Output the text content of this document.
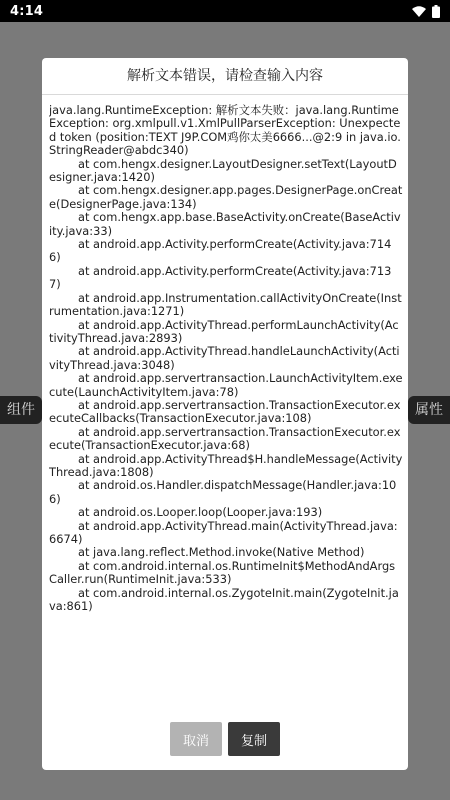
4:14
组件	属性
解析文本错误，请检查输入内容
java.lang.RuntimeException: 解析文本失败：java.lang.RuntimeException: org.xmlpull.v1.XmlPullParserException: Unexpected token (position:TEXT J9P.COM鸡你太美6666...@2:9 in java.io.StringReader@abdc340)
	at com.hengx.designer.LayoutDesigner.setText(LayoutDesigner.java:1420)
	at com.hengx.designer.app.pages.DesignerPage.onCreate(DesignerPage.java:134)
	at com.hengx.app.base.BaseActivity.onCreate(BaseActivity.java:33)
	at android.app.Activity.performCreate(Activity.java:7146)
	at android.app.Activity.performCreate(Activity.java:7137)
	at android.app.Instrumentation.callActivityOnCreate(Instrumentation.java:1271)
	at android.app.ActivityThread.performLaunchActivity(ActivityThread.java:2893)
	at android.app.ActivityThread.handleLaunchActivity(ActivityThread.java:3048)
	at android.app.servertransaction.LaunchActivityItem.execute(LaunchActivityItem.java:78)
	at android.app.servertransaction.TransactionExecutor.executeCallbacks(TransactionExecutor.java:108)
	at android.app.servertransaction.TransactionExecutor.execute(TransactionExecutor.java:68)
	at android.app.ActivityThread$H.handleMessage(ActivityThread.java:1808)
	at android.os.Handler.dispatchMessage(Handler.java:106)
	at android.os.Looper.loop(Looper.java:193)
	at android.app.ActivityThread.main(ActivityThread.java:6674)
	at java.lang.reflect.Method.invoke(Native Method)
	at com.android.internal.os.RuntimeInit$MethodAndArgsCaller.run(RuntimeInit.java:533)
	at com.android.internal.os.ZygoteInit.main(ZygoteInit.java:861)
取消	复制
